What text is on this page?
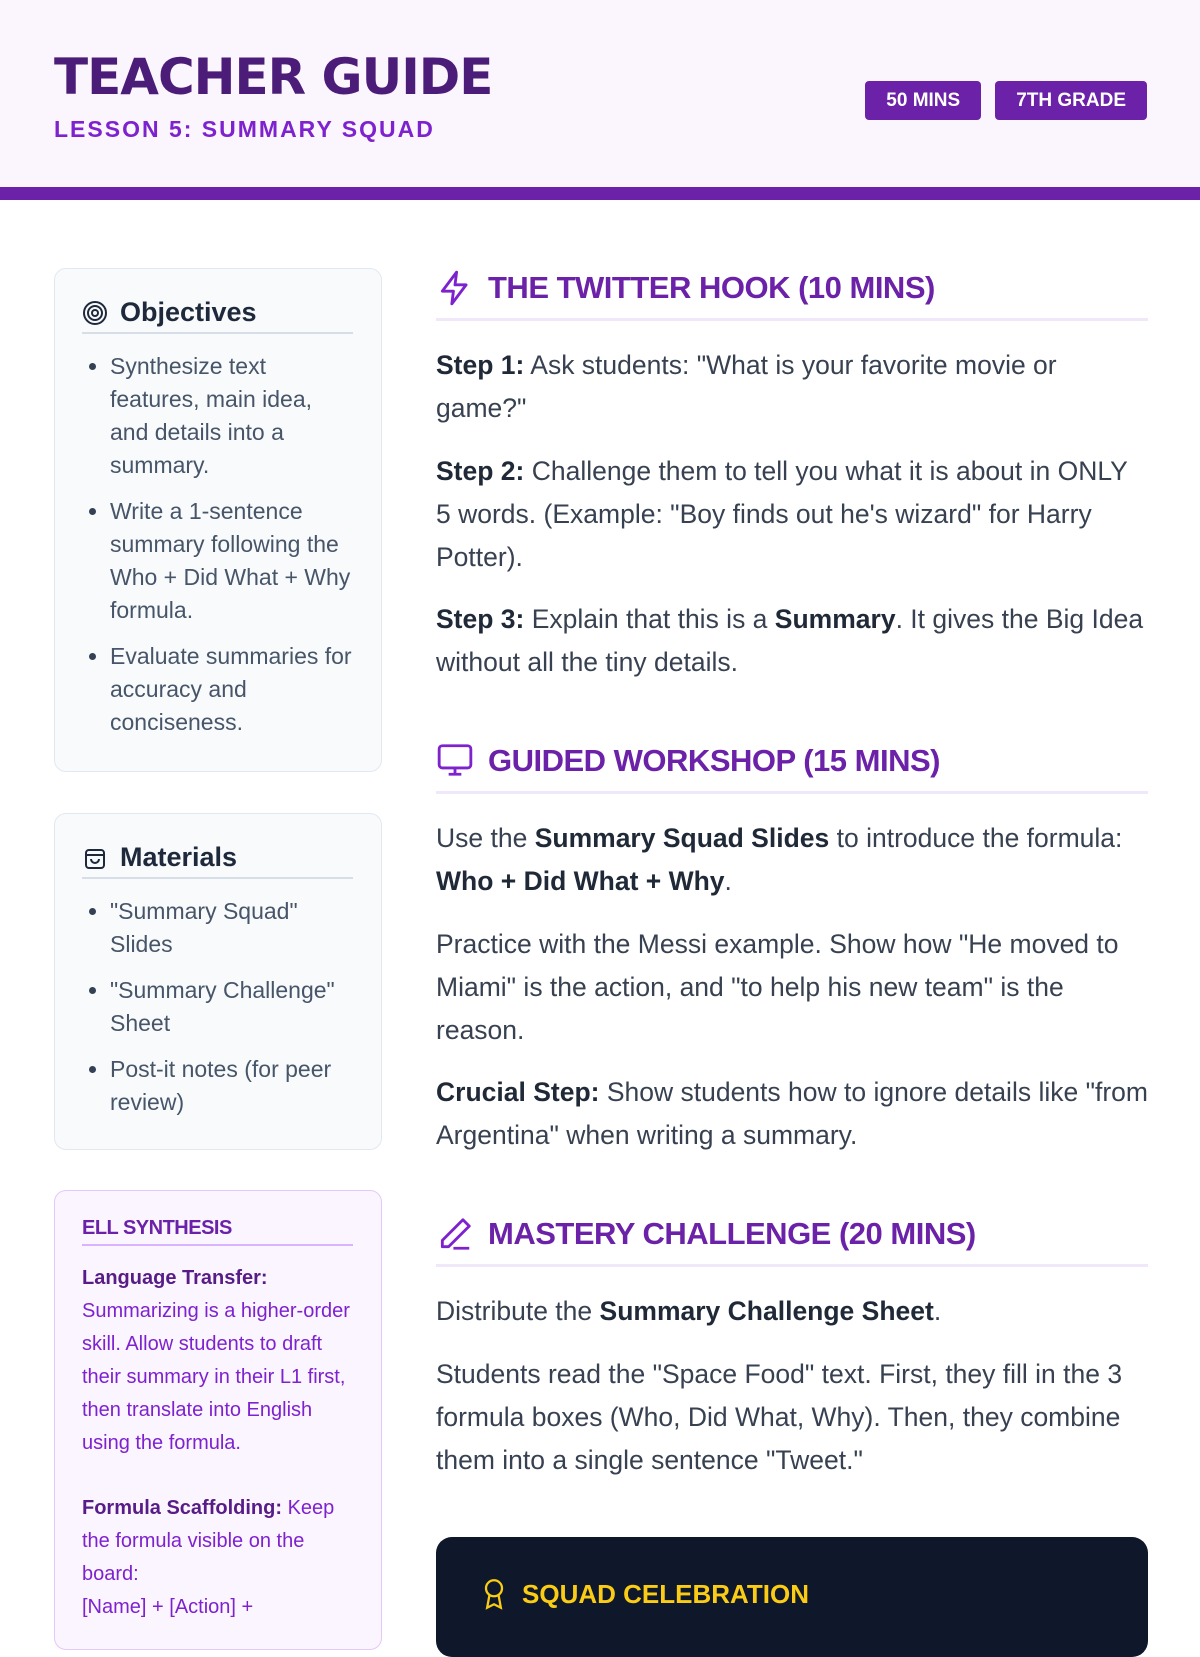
TEACHER GUIDE
LESSON 5: SUMMARY SQUAD
50 MINS	7TH GRADE
Objectives
• Synthesize text features, main idea, and details into a summary.
• Write a 1-sentence summary following the Who + Did What + Why formula.
• Evaluate summaries for accuracy and conciseness.
Materials
• "Summary Squad" Slides
• "Summary Challenge" Sheet
• Post-it notes (for peer review)
ELL SYNTHESIS

Language Transfer: Summarizing is a higher-order skill. Allow students to draft their summary in their L1 first, then translate into English using the formula.

Formula Scaffolding: Keep the formula visible on the board:
[Name] + [Action] +

THE TWITTER HOOK (10 MINS)

Step 1: Ask students: "What is your favorite movie or game?"

Step 2: Challenge them to tell you what it is about in ONLY 5 words. (Example: "Boy finds out he's wizard" for Harry Potter).

Step 3: Explain that this is a Summary. It gives the Big Idea without all the tiny details.

GUIDED WORKSHOP (15 MINS)

Use the Summary Squad Slides to introduce the formula: Who + Did What + Why.

Practice with the Messi example. Show how "He moved to Miami" is the action, and "to help his new team" is the reason.

Crucial Step: Show students how to ignore details like "from Argentina" when writing a summary.

MASTERY CHALLENGE (20 MINS)

Distribute the Summary Challenge Sheet.

Students read the "Space Food" text. First, they fill in the 3 formula boxes (Who, Did What, Why). Then, they combine them into a single sentence "Tweet."

SQUAD CELEBRATION
